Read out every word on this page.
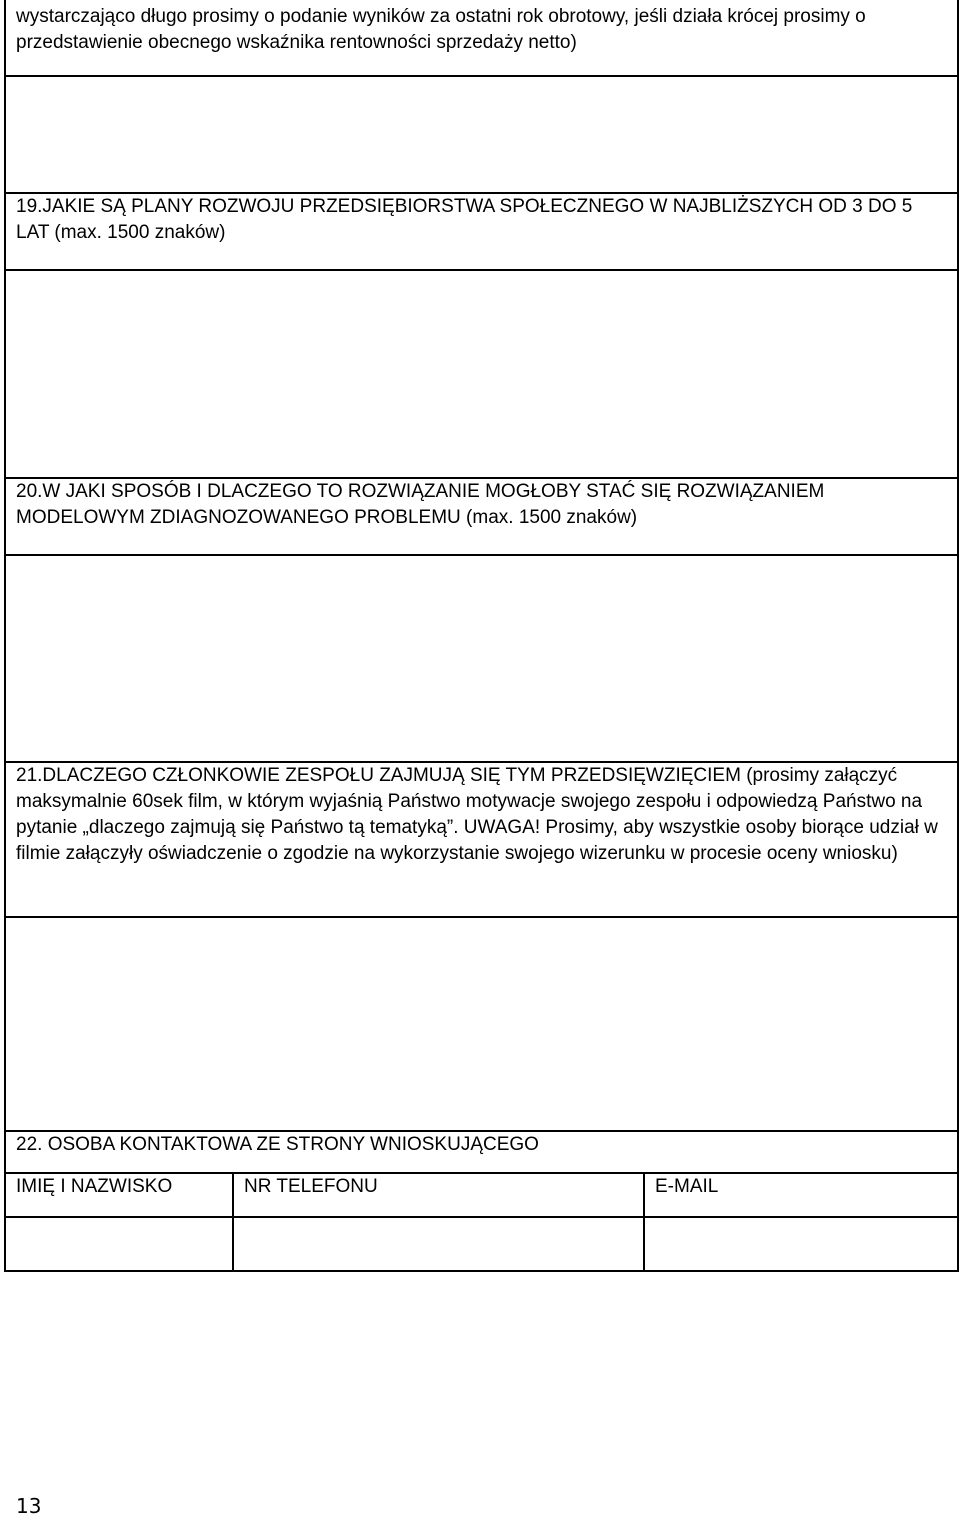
wystarczająco długo prosimy o podanie wyników za ostatni rok obrotowy, jeśli działa krócej prosimy o przedstawienie obecnego wskaźnika rentowności sprzedaży netto)		

19.JAKIE SĄ PLANY ROZWOJU PRZEDSIĘBIORSTWA SPOŁECZNEGO W NAJBLIŻSZYCH OD 3 DO 5 LAT (max. 1500 znaków)		

20.W JAKI SPOSÓB I DLACZEGO TO ROZWIĄZANIE MOGŁOBY STAĆ SIĘ ROZWIĄZANIEM MODELOWYM ZDIAGNOZOWANEGO PROBLEMU (max. 1500 znaków)		

21.DLACZEGO CZŁONKOWIE ZESPOŁU ZAJMUJĄ SIĘ TYM PRZEDSIĘWZIĘCIEM (prosimy załączyć maksymalnie 60sek film, w którym wyjaśnią Państwo motywacje swojego zespołu i odpowiedzą Państwo na pytanie „dlaczego zajmują się Państwo tą tematyką”. UWAGA! Prosimy, aby wszystkie osoby biorące udział w filmie załączyły oświadczenie o zgodzie na wykorzystanie swojego wizerunku w procesie oceny wniosku)		

22. OSOBA KONTAKTOWA ZE STRONY WNIOSKUJĄCEGO		
IMIĘ I NAZWISKO	NR TELEFONU	E-MAIL

13
